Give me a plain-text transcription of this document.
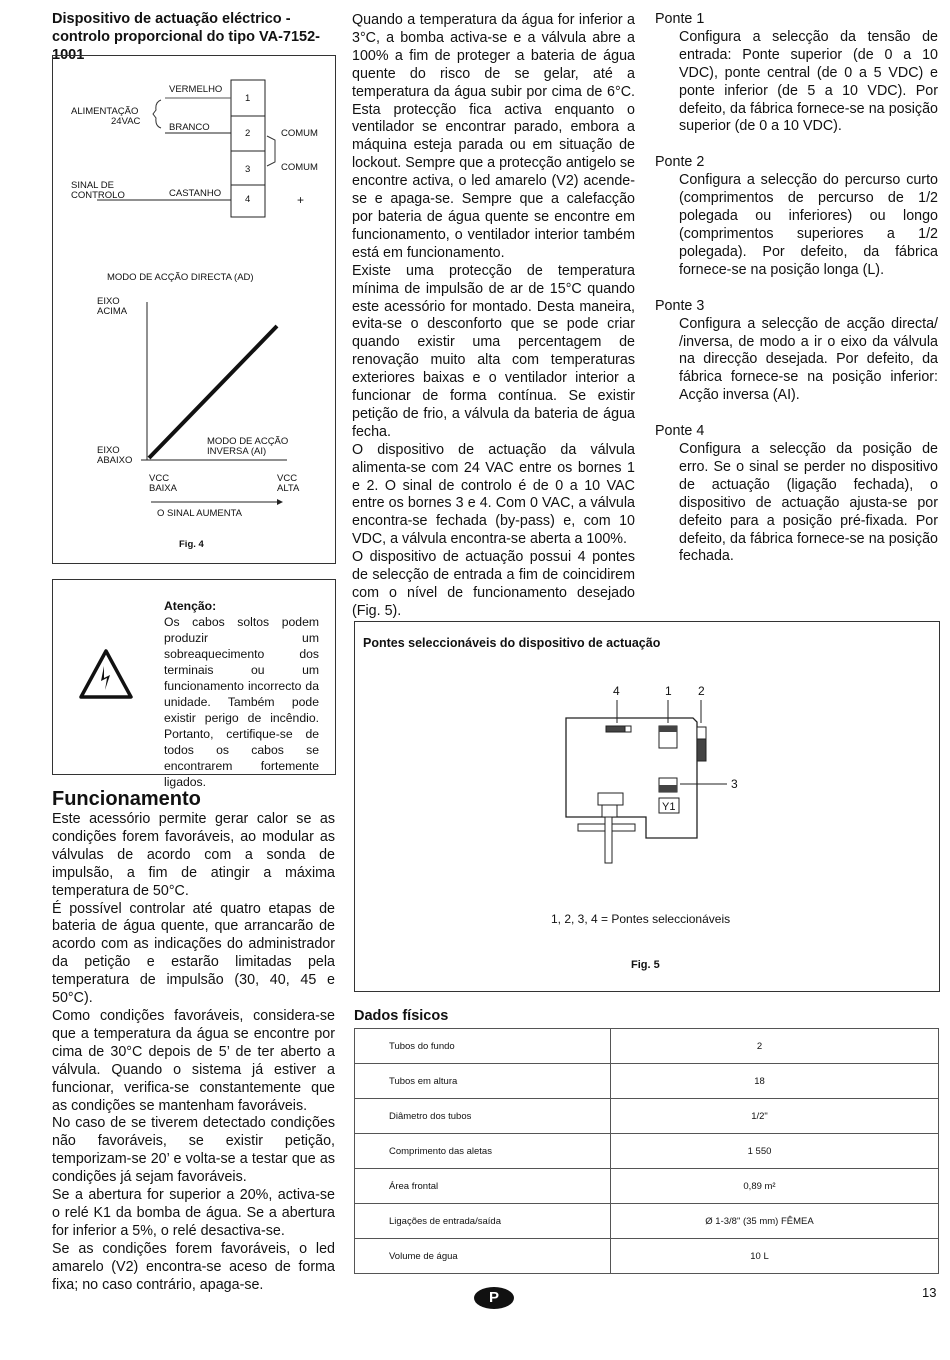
Dispositivo de actuação eléctrico - controlo proporcional do tipo VA-7152-1001
1
2
3
4
VERMELHO
BRANCO
ALIMENTAÇÃO
24VAC
SINAL DE
CONTROLO	CASTANHO
COMUM
COMUM
+
MODO DE ACÇÃO DIRECTA (AD)
EIXO
ACIMA
EIXO
ABAIXO
MODO DE ACÇÃO
INVERSA (AI)
VCC
BAIXA
VCC
ALTA
O SINAL AUMENTA
Fig. 4
Atenção:
Os cabos soltos podem produzir um sobreaquecimento dos terminais ou um funcionamento incorrecto da unidade. Também pode existir perigo de incêndio. Portanto, certifique-se de todos os cabos se encontrarem fortemente ligados.
Funcionamento

Este acessório permite gerar calor se as condições forem favoráveis, ao modular as válvulas de acordo com a sonda de impulsão, a fim de atingir a máxima temperatura de 50°C.

É possível controlar até quatro etapas de bateria de água quente, que arrancarão de acordo com as indicações do administrador da petição e estarão limitadas pela temperatura de impulsão (30, 40, 45 e 50°C).

Como condições favoráveis, considera-se que a temperatura da água se encontre por cima de 30°C depois de 5’ de ter aberto a válvula. Quando o sistema já estiver a funcionar, verifica-se constantemente que as condições se mantenham favoráveis.

No caso de se tiverem detectado condições não favoráveis, se existir petição, temporizam-se 20’ e volta-se a testar que as condições já sejam favoráveis.

Se a abertura for superior a 20%, activa-se o relé K1 da bomba de água. Se a abertura for inferior a 5%, o relé desactiva-se.

Se as condições forem favoráveis, o led amarelo (V2) encontra-se aceso de forma fixa; no caso contrário, apaga-se.

Quando a temperatura da água for inferior a 3°C, a bomba activa-se e a válvula abre a 100% a fim de proteger a bateria de água quente do risco de se gelar, até a temperatura da água subir por cima de 6°C. Esta protecção fica activa enquanto o ventilador se encontrar parado, embora a máquina esteja parada ou em situação de lockout. Sempre que a protecção antigelo se encontre activa, o led amarelo (V2) acende-se e apaga-se. Sempre que a calefacção por bateria de água quente se encontre em funcionamento, o ventilador interior também está em funcionamento.

Existe uma protecção de temperatura mínima de impulsão de ar de 15°C quando este acessório for montado. Desta maneira, evita-se o desconforto que se pode criar quando existir uma percentagem de renovação muito alta com temperaturas exteriores baixas e o ventilador interior a funcionar de forma contínua. Se existir petição de frio, a válvula da bateria de água fecha.

O dispositivo de actuação da válvula alimenta-se com 24 VAC entre os bornes 1 e 2. O sinal de controlo é de 0 a 10 VAC entre os bornes 3 e 4. Com 0 VAC, a válvula encontra-se fechada (by-pass) e, com 10 VDC, a válvula encontra-se aberta a 100%.

O dispositivo de actuação possui 4 pontes de selecção de entrada a fim de coincidirem com o nível de funcionamento desejado (Fig. 5).

Ponte 1

Configura a selecção da tensão de entrada: Ponte superior (de 0 a 10 VDC), ponte central (de 0 a 5 VDC) e ponte inferior (de 5 a 10 VDC). Por defeito, da fábrica fornece-se na posição superior (de 0 a 10 VDC).

Ponte 2

Configura a selecção do percurso curto (comprimentos de percurso de 1/2 polegada ou inferiores) ou longo (comprimentos superiores a 1/2 polegada). Por defeito, da fábrica fornece-se na posição longa (L).

Ponte 3

Configura a selecção de acção directa/ /inversa, de modo a ir o eixo da válvula na direcção desejada. Por defeito, da fábrica fornece-se na posição inferior: Acção inversa (AI).

Ponte 4

Configura a selecção da posição de erro. Se o sinal se perder no dispositivo de actuação (ligação fechada), o dispositivo de actuação ajusta-se por defeito para a posição pré-fixada. Por defeito, da fábrica fornece-se na posição fechada.

Pontes seleccionáveis do dispositivo de actuação
4	1 2
3
Y1
1, 2, 3, 4 = Pontes seleccionáveis
Fig. 5
Dados físicos
Tubos do fundo	2
Tubos em altura	18
Diâmetro dos tubos	1/2"
Comprimento das aletas	1 550
Área frontal	0,89 m²
Ligações de entrada/saída	Ø 1-3/8" (35 mm) FÊMEA
Volume de água	10 L
P	13
